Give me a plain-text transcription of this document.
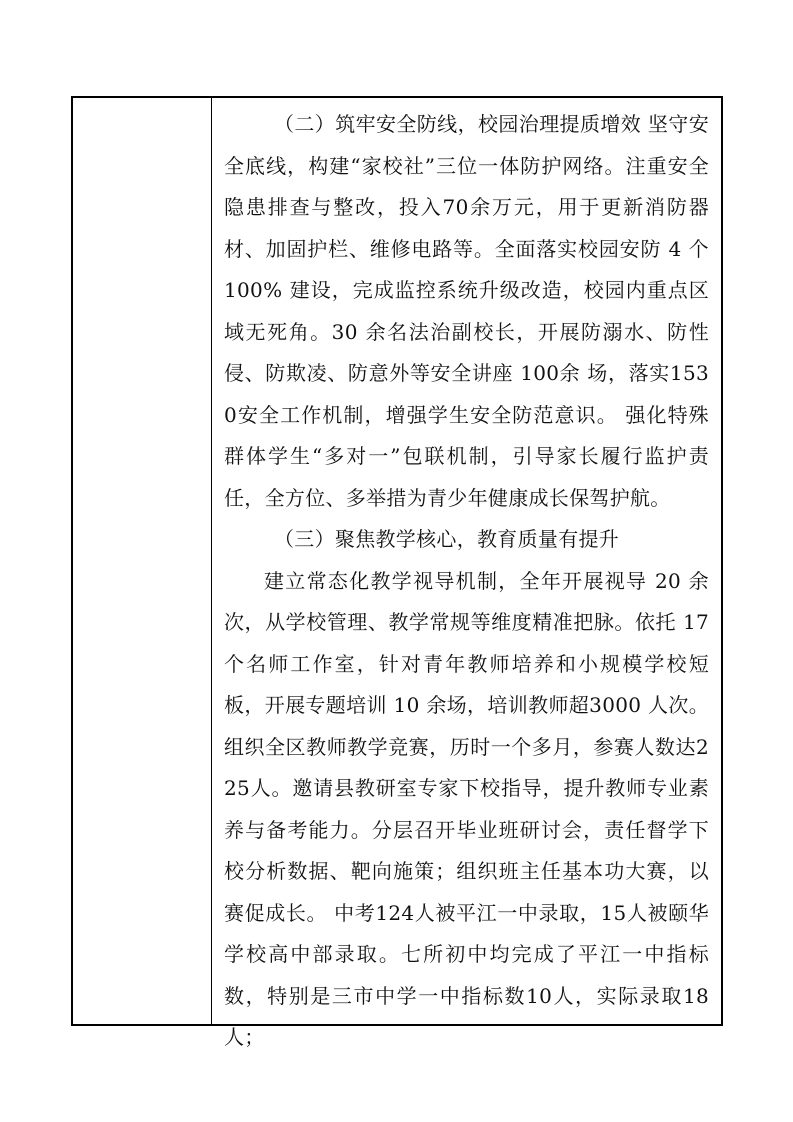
（二）筑牢安全防线，校园治理提质增效 坚守安全底线，构建“家校社”三位一体防护网络。注重安全隐患排查与整改，投入70余万元，用于更新消防器材、加固护栏、维修电路等。全面落实校园安防 4 个 100% 建设，完成监控系统升级改造，校园内重点区域无死角。30 余名法治副校长，开展防溺水、防性侵、防欺凌、防意外等安全讲座 100余 场，落实1530安全工作机制，增强学生安全防范意识。 强化特殊群体学生“多对一”包联机制，引导家长履行监护责任，全方位、多举措为青少年健康成长保驾护航。

（三）聚焦教学核心，教育质量有提升

建立常态化教学视导机制，全年开展视导 20 余次，从学校管理、教学常规等维度精准把脉。依托 17个名师工作室，针对青年教师培养和小规模学校短板，开展专题培训 10 余场，培训教师超3000 人次。组织全区教师教学竞赛，历时一个多月，参赛人数达225人。邀请县教研室专家下校指导，提升教师专业素养与备考能力。分层召开毕业班研讨会，责任督学下校分析数据、靶向施策；组织班主任基本功大赛，以赛促成长。 中考124人被平江一中录取，15人被颐华学校高中部录取。七所初中均完成了平江一中指标数，特别是三市中学一中指标数10人，实际录取18人；
